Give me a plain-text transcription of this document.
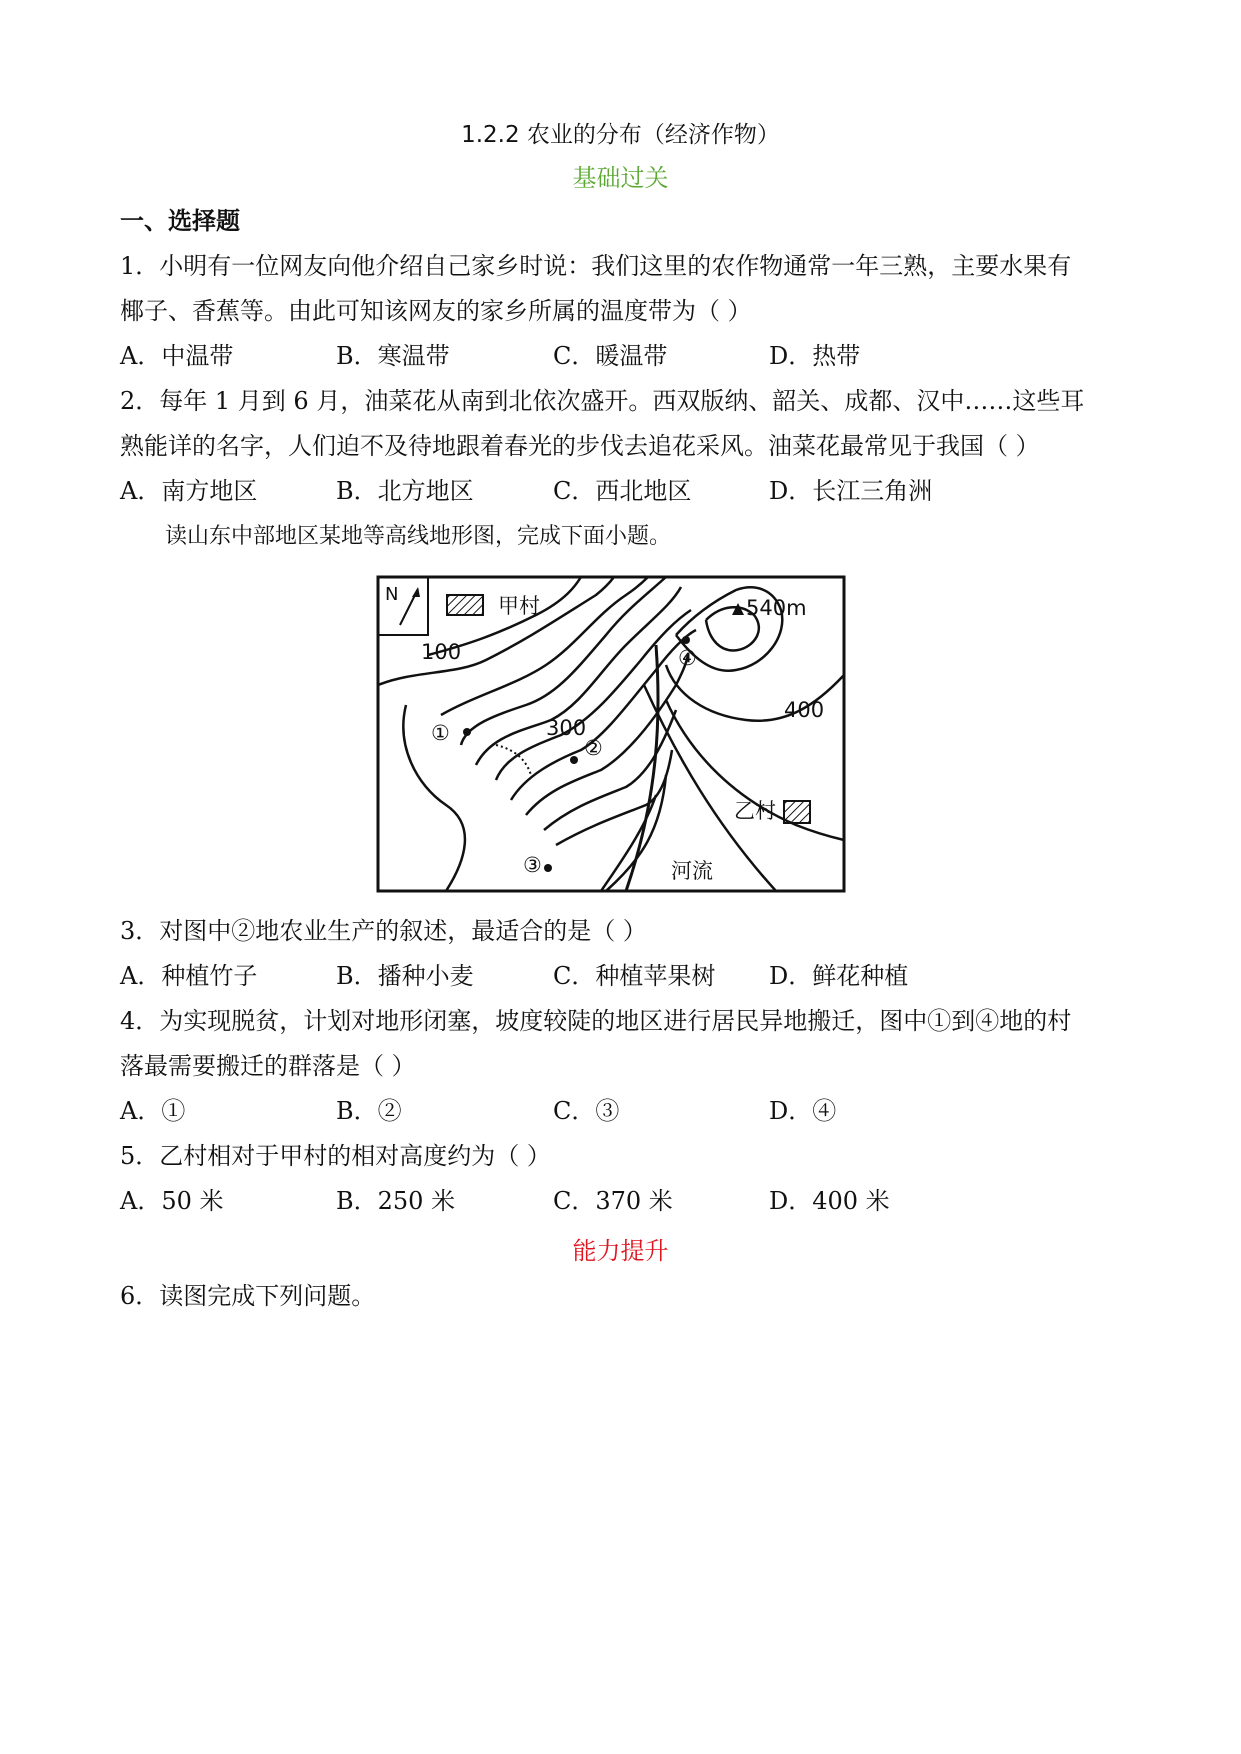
1.2.2 农业的分布（经济作物）
基础过关
一、选择题
1．小明有一位网友向他介绍自己家乡时说：我们这里的农作物通常一年三熟，主要水果有
椰子、香蕉等。由此可知该网友的家乡所属的温度带为（ ）
A．中温带	B．寒温带	C．暖温带	D．热带
2．每年 1 月到 6 月，油菜花从南到北依次盛开。西双版纳、韶关、成都、汉中……这些耳
熟能详的名字，人们迫不及待地跟着春光的步伐去追花采风。油菜花最常见于我国（ ）
A．南方地区	B．北方地区	C．西北地区	D．长江三角洲
读山东中部地区某地等高线地形图，完成下面小题。
N	甲村
100
300
400
540m
①
②
③
④
乙村
河流
3．对图中②地农业生产的叙述，最适合的是（ ）
A．种植竹子	B．播种小麦	C．种植苹果树 D．鲜花种植
4．为实现脱贫，计划对地形闭塞，坡度较陡的地区进行居民异地搬迁，图中①到④地的村
落最需要搬迁的群落是（ ）
A．①	B．②	C．③	D．④
5．乙村相对于甲村的相对高度约为（ ）
A．50 米	B．250 米	C．370 米	D．400 米
能力提升
6．读图完成下列问题。
